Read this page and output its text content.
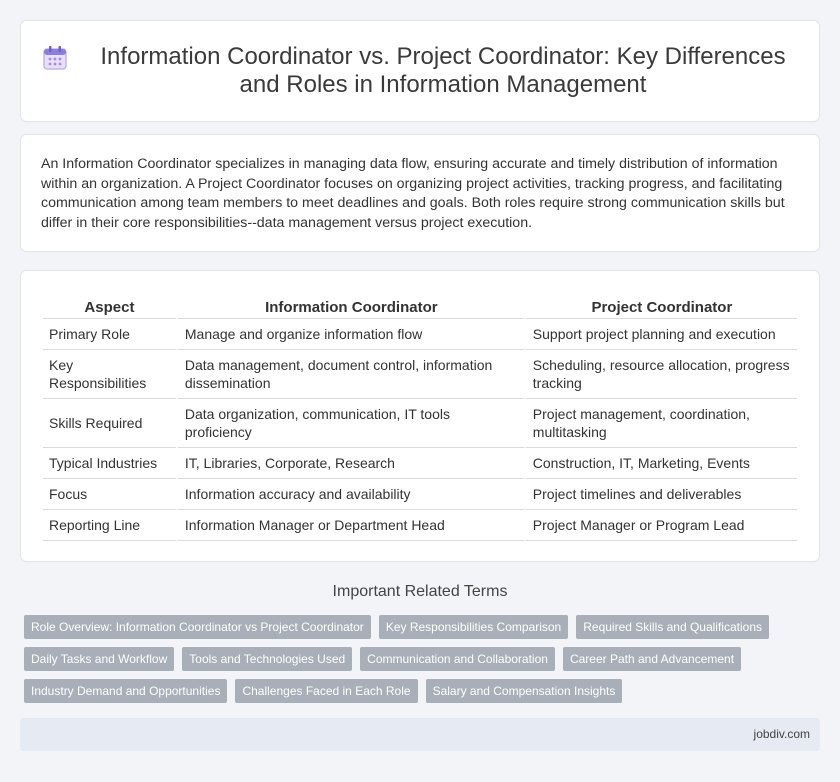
Information Coordinator vs. Project Coordinator: Key Differences and Roles in Information Management

An Information Coordinator specializes in managing data flow, ensuring accurate and timely distribution of information within an organization. A Project Coordinator focuses on organizing project activities, tracking progress, and facilitating communication among team members to meet deadlines and goals. Both roles require strong communication skills but differ in their core responsibilities--data management versus project execution.

Aspect	Information Coordinator	Project Coordinator
Primary Role	Manage and organize information flow	Support project planning and execution
Key Responsibilities	Data management, document control, information dissemination	Scheduling, resource allocation, progress tracking
Skills Required	Data organization, communication, IT tools proficiency	Project management, coordination, multitasking
Typical Industries	IT, Libraries, Corporate, Research	Construction, IT, Marketing, Events
Focus	Information accuracy and availability	Project timelines and deliverables
Reporting Line	Information Manager or Department Head	Project Manager or Program Lead
Important Related Terms
Role Overview: Information Coordinator vs Project Coordinator	Key Responsibilities Comparison	Required Skills and Qualifications
Daily Tasks and Workflow	Tools and Technologies Used	Communication and Collaboration	Career Path and Advancement
Industry Demand and Opportunities	Challenges Faced in Each Role	Salary and Compensation Insights
jobdiv.com
